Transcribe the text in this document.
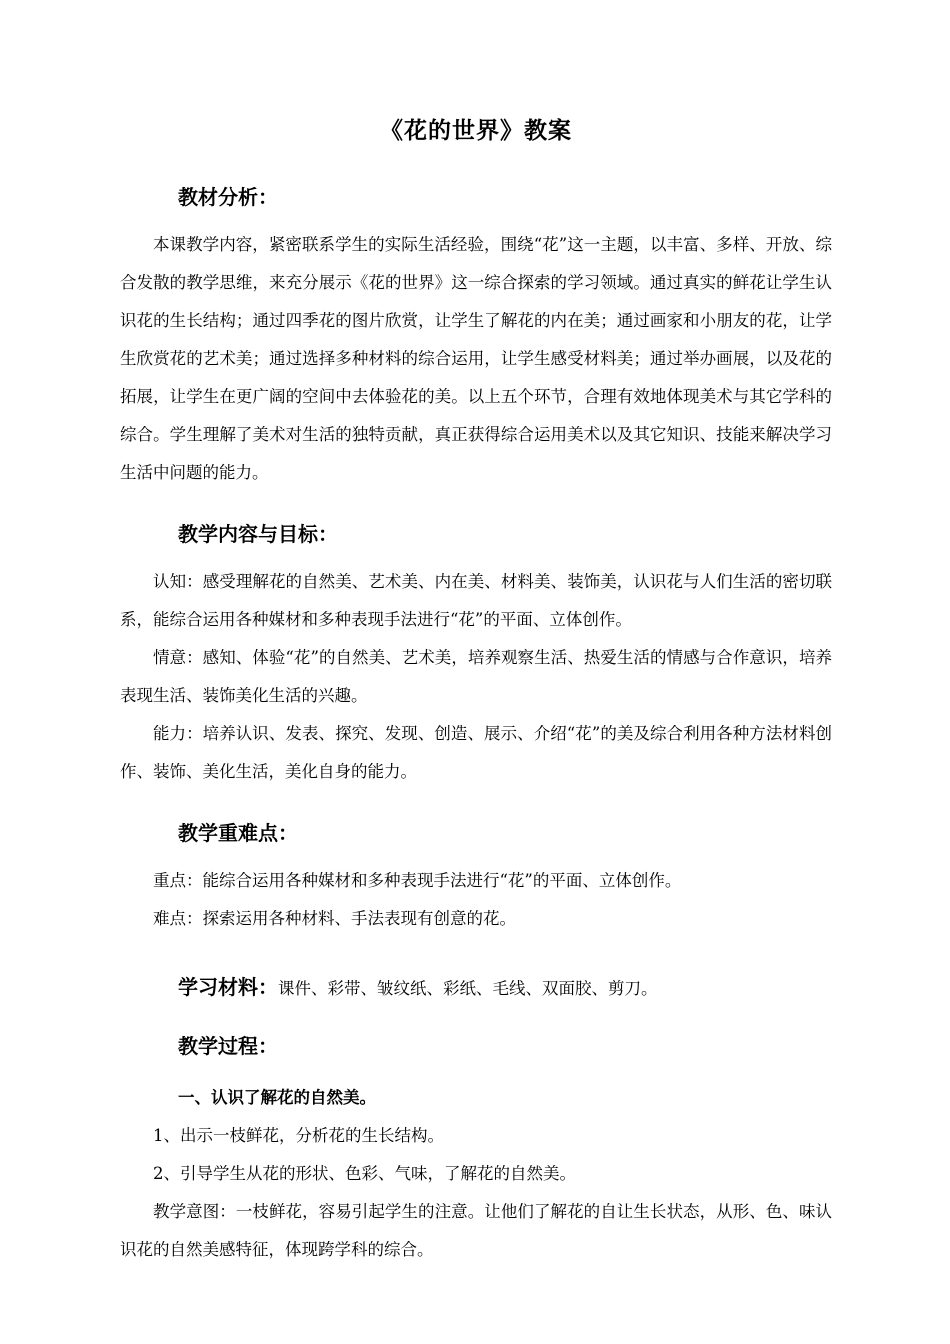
《花的世界》教案
教材分析：

本课教学内容，紧密联系学生的实际生活经验，围绕“花”这一主题，以丰富、多样、开放、综合发散的教学思维，来充分展示《花的世界》这一综合探索的学习领域。通过真实的鲜花让学生认识花的生长结构；通过四季花的图片欣赏，让学生了解花的内在美；通过画家和小朋友的花，让学生欣赏花的艺术美；通过选择多种材料的综合运用，让学生感受材料美；通过举办画展，以及花的拓展，让学生在更广阔的空间中去体验花的美。以上五个环节，合理有效地体现美术与其它学科的综合。学生理解了美术对生活的独特贡献，真正获得综合运用美术以及其它知识、技能来解决学习生活中问题的能力。

教学内容与目标：

认知：感受理解花的自然美、艺术美、内在美、材料美、装饰美，认识花与人们生活的密切联系，能综合运用各种媒材和多种表现手法进行“花”的平面、立体创作。

情意：感知、体验“花”的自然美、艺术美，培养观察生活、热爱生活的情感与合作意识，培养表现生活、装饰美化生活的兴趣。

能力：培养认识、发表、探究、发现、创造、展示、介绍“花”的美及综合利用各种方法材料创作、装饰、美化生活，美化自身的能力。

教学重难点：

重点：能综合运用各种媒材和多种表现手法进行“花”的平面、立体创作。

难点：探索运用各种材料、手法表现有创意的花。

学习材料：课件、彩带、皱纹纸、彩纸、毛线、双面胶、剪刀。
教学过程：

一、认识了解花的自然美。

1、出示一枝鲜花，分析花的生长结构。

2、引导学生从花的形状、色彩、气味，了解花的自然美。

教学意图：一枝鲜花，容易引起学生的注意。让他们了解花的自让生长状态，从形、色、味认识花的自然美感特征，体现跨学科的综合。
